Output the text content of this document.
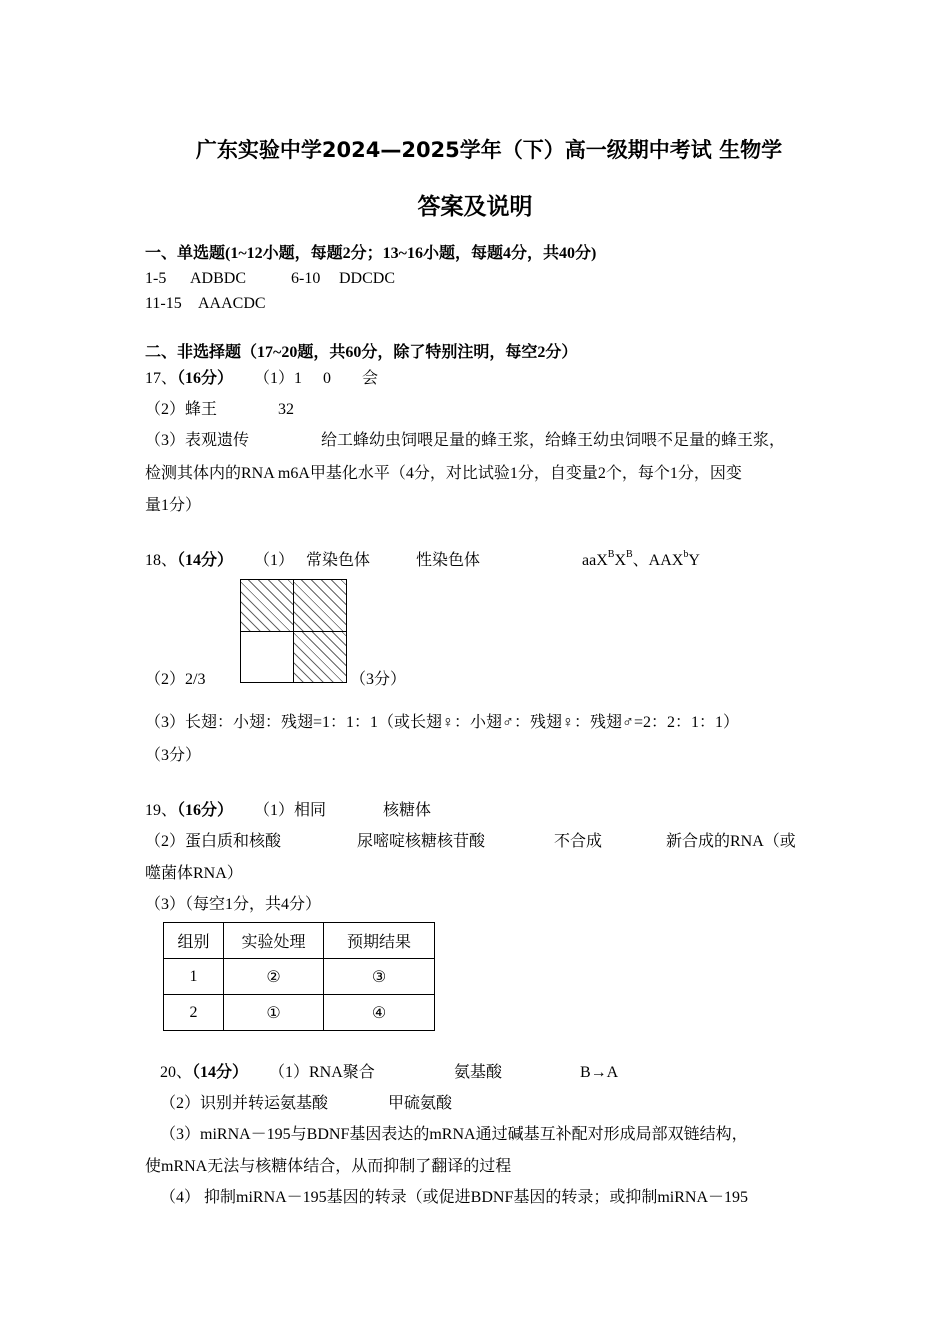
广东实验中学2024—2025学年（下）高一级期中考试 生物学
答案及说明
一、单选题(1~12小题，每题2分；13~16小题，每题4分，共40分)
1-5 ADBDC	6-10 DDCDC
11-15 AAACDC
二、非选择题（17~20题，共60分，除了特别注明，每空2分）
17、（16分） （1）1 0 会
（2）蜂王	32
（3）表观遗传	给工蜂幼虫饲喂足量的蜂王浆，给蜂王幼虫饲喂不足量的蜂王浆，
检测其体内的RNA m6A甲基化水平（4分，对比试验1分，自变量2个，每个1分，因变
量1分）
18、（14分） （1） 常染色体	性染色体	$aaX^BX^B$、AAX$^b$Y
（2）2/3	（3分）
（3）长翅：小翅：残翅=1：1：1（或长翅♀：小翅♂：残翅♀：残翅♂=2：2：1：1）
（3分）
19、（16分） （1）相同	核糖体
（2）蛋白质和核酸	尿嘧啶核糖核苷酸	不合成	新合成的RNA（或
噬菌体RNA）
（3）（每空1分，共4分）
组别	实验处理	预期结果
1	②	③
2	①	④
20、（14分） （1）RNA聚合	氨基酸	B→A
（2）识别并转运氨基酸	甲硫氨酸
（3）miRNA－195与BDNF基因表达的mRNA通过碱基互补配对形成局部双链结构，
使mRNA无法与核糖体结合，从而抑制了翻译的过程
（4） 抑制miRNA－195基因的转录（或促进BDNF基因的转录；或抑制miRNA－195
